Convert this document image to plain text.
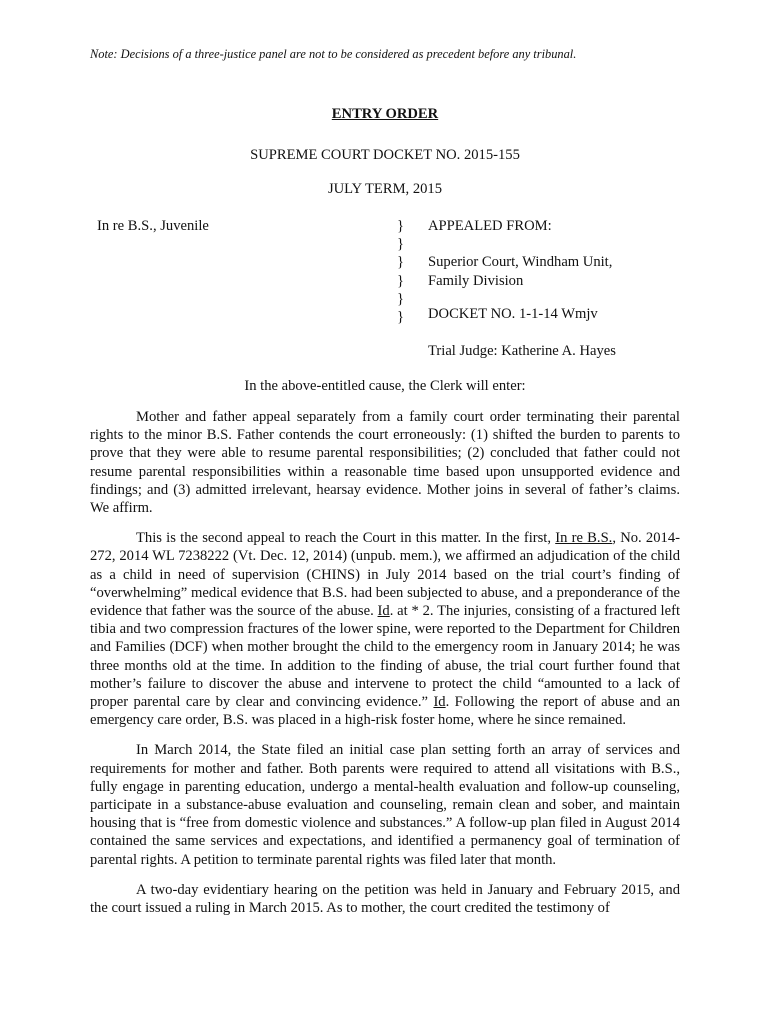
Note: Decisions of a three-justice panel are not to be considered as precedent before any tribunal.
ENTRY ORDER
SUPREME COURT DOCKET NO. 2015-155
JULY TERM, 2015
In re B.S., Juvenile	}
}
}
}
}
}
APPEALED FROM:
Superior Court, Windham Unit,
Family Division
DOCKET NO. 1-1-14 Wmjv
Trial Judge: Katherine A. Hayes
In the above-entitled cause, the Clerk will enter:

Mother and father appeal separately from a family court order terminating their parental rights to the minor B.S. Father contends the court erroneously: (1) shifted the burden to parents to prove that they were able to resume parental responsibilities; (2) concluded that father could not resume parental responsibilities within a reasonable time based upon unsupported evidence and findings; and (3) admitted irrelevant, hearsay evidence. Mother joins in several of father’s claims. We affirm.

This is the second appeal to reach the Court in this matter. In the first, In re B.S., No. 2014-272, 2014 WL 7238222 (Vt. Dec. 12, 2014) (unpub. mem.), we affirmed an adjudication of the child as a child in need of supervision (CHINS) in July 2014 based on the trial court’s finding of “overwhelming” medical evidence that B.S. had been subjected to abuse, and a preponderance of the evidence that father was the source of the abuse. Id. at * 2. The injuries, consisting of a fractured left tibia and two compression fractures of the lower spine, were reported to the Department for Children and Families (DCF) when mother brought the child to the emergency room in January 2014; he was three months old at the time. In addition to the finding of abuse, the trial court further found that mother’s failure to discover the abuse and intervene to protect the child “amounted to a lack of proper parental care by clear and convincing evidence.” Id. Following the report of abuse and an emergency care order, B.S. was placed in a high-risk foster home, where he since remained.

In March 2014, the State filed an initial case plan setting forth an array of services and requirements for mother and father. Both parents were required to attend all visitations with B.S., fully engage in parenting education, undergo a mental-health evaluation and follow-up counseling, participate in a substance-abuse evaluation and counseling, remain clean and sober, and maintain housing that is “free from domestic violence and substances.” A follow-up plan filed in August 2014 contained the same services and expectations, and identified a permanency goal of termination of parental rights. A petition to terminate parental rights was filed later that month.

A two-day evidentiary hearing on the petition was held in January and February 2015, and the court issued a ruling in March 2015. As to mother, the court credited the testimony of
